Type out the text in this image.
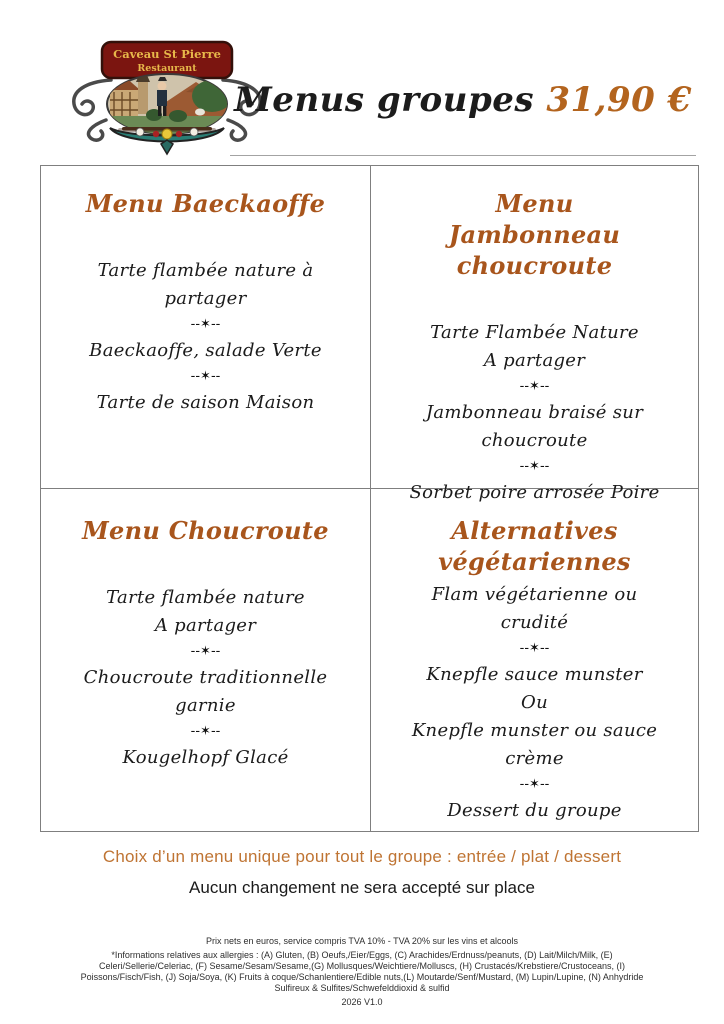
Caveau St Pierre
Restaurant
Menus groupes 31,90 €
Menu Baeckaoffe

Tarte flambée nature à partager

--✶--

Baeckaoffe, salade Verte

--✶--

Tarte de saison Maison

Menu Jambonneau choucroute

Tarte Flambée Nature

A partager

--✶--

Jambonneau braisé sur choucroute

--✶--

Sorbet poire arrosée Poire

Menu Choucroute

Tarte flambée nature

A partager

--✶--

Choucroute traditionnelle garnie

--✶--

Kougelhopf Glacé

Alternatives végétariennes

Flam végétarienne ou crudité

--✶--

Knepfle sauce munster

Ou

Knepfle munster ou sauce crème

--✶--

Dessert du groupe

Choix d’un menu unique pour tout le groupe : entrée / plat / dessert

Aucun changement ne sera accepté sur place

Prix nets en euros, service compris TVA 10% - TVA 20% sur les vins et alcools

*Informations relatives aux allergies : (A) Gluten, (B) Oeufs,/Eier/Eggs, (C) Arachides/Erdnuss/peanuts, (D) Lait/Milch/Milk, (E) Celeri/Sellerie/Celeriac, (F) Sesame/Sesam/Sesame,(G) Mollusques/Weichtiere/Molluscs, (H) Crustacés/Krebstiere/Crustoceans, (I) Poissons/Fisch/Fish, (J) Soja/Soya, (K) Fruits à coque/Schanlentiere/Edible nuts,(L) Moutarde/Senf/Mustard, (M) Lupin/Lupine, (N) Anhydride Sulfireux & Sulfites/Schwefelddioxid & sulfid

2026 V1.0
